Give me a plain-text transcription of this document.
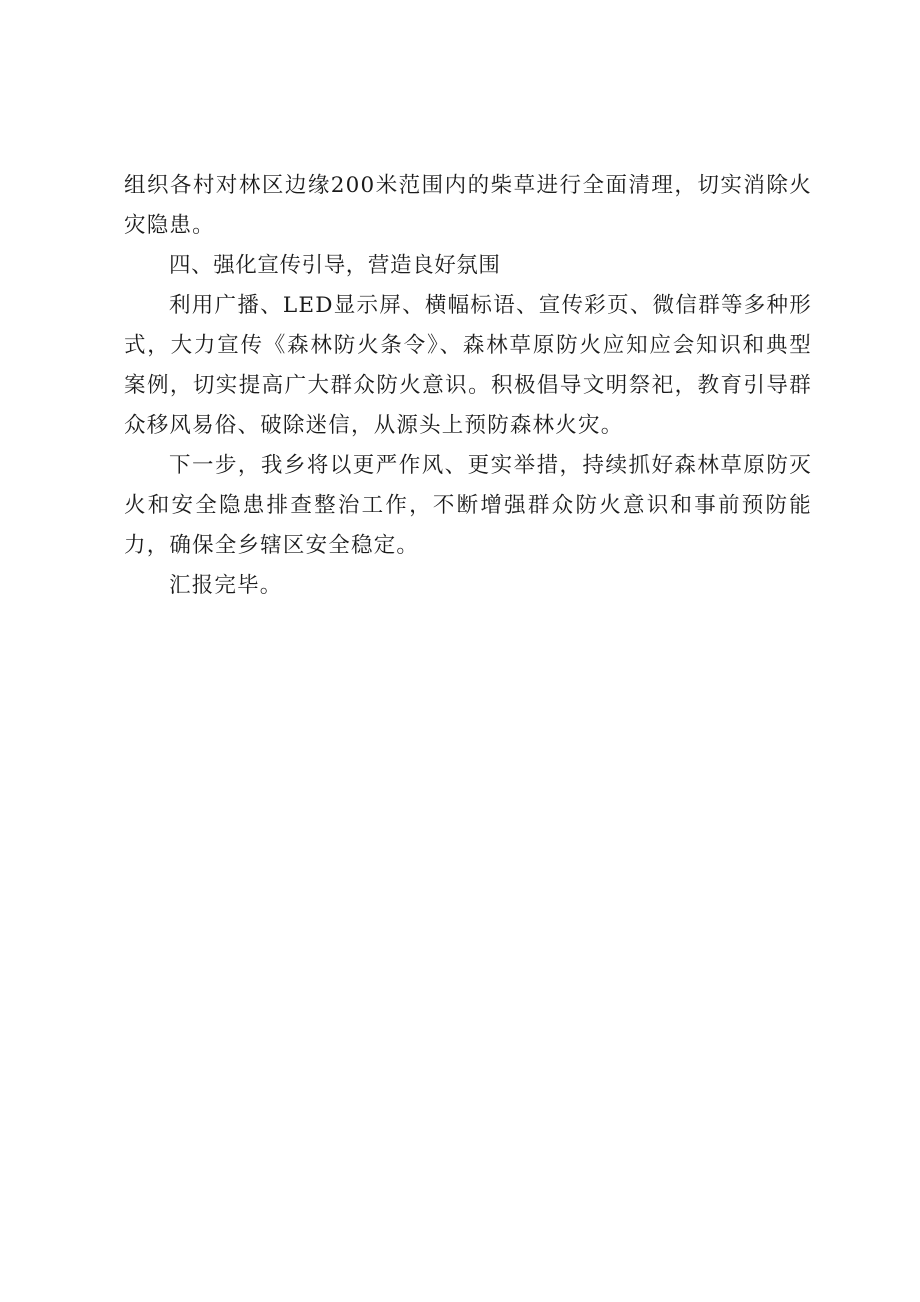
组织各村对林区边缘200米范围内的柴草进行全面清理，切实消除火灾隐患。

四、强化宣传引导，营造良好氛围

利用广播、LED显示屏、横幅标语、宣传彩页、微信群等多种形式，大力宣传《森林防火条令》、森林草原防火应知应会知识和典型案例，切实提高广大群众防火意识。积极倡导文明祭祀，教育引导群众移风易俗、破除迷信，从源头上预防森林火灾。

下一步，我乡将以更严作风、更实举措，持续抓好森林草原防灭火和安全隐患排查整治工作，不断增强群众防火意识和事前预防能力，确保全乡辖区安全稳定。

汇报完毕。
